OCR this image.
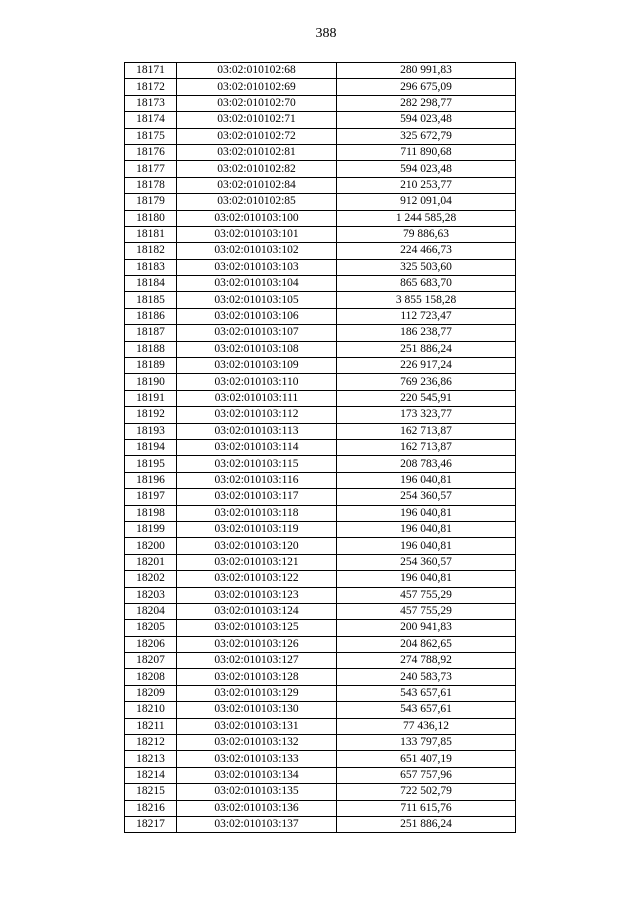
388
18171	03:02:010102:68	280 991,83
18172	03:02:010102:69	296 675,09
18173	03:02:010102:70	282 298,77
18174	03:02:010102:71	594 023,48
18175	03:02:010102:72	325 672,79
18176	03:02:010102:81	711 890,68
18177	03:02:010102:82	594 023,48
18178	03:02:010102:84	210 253,77
18179	03:02:010102:85	912 091,04
18180	03:02:010103:100	1 244 585,28
18181	03:02:010103:101	79 886,63
18182	03:02:010103:102	224 466,73
18183	03:02:010103:103	325 503,60
18184	03:02:010103:104	865 683,70
18185	03:02:010103:105	3 855 158,28
18186	03:02:010103:106	112 723,47
18187	03:02:010103:107	186 238,77
18188	03:02:010103:108	251 886,24
18189	03:02:010103:109	226 917,24
18190	03:02:010103:110	769 236,86
18191	03:02:010103:111	220 545,91
18192	03:02:010103:112	173 323,77
18193	03:02:010103:113	162 713,87
18194	03:02:010103:114	162 713,87
18195	03:02:010103:115	208 783,46
18196	03:02:010103:116	196 040,81
18197	03:02:010103:117	254 360,57
18198	03:02:010103:118	196 040,81
18199	03:02:010103:119	196 040,81
18200	03:02:010103:120	196 040,81
18201	03:02:010103:121	254 360,57
18202	03:02:010103:122	196 040,81
18203	03:02:010103:123	457 755,29
18204	03:02:010103:124	457 755,29
18205	03:02:010103:125	200 941,83
18206	03:02:010103:126	204 862,65
18207	03:02:010103:127	274 788,92
18208	03:02:010103:128	240 583,73
18209	03:02:010103:129	543 657,61
18210	03:02:010103:130	543 657,61
18211	03:02:010103:131	77 436,12
18212	03:02:010103:132	133 797,85
18213	03:02:010103:133	651 407,19
18214	03:02:010103:134	657 757,96
18215	03:02:010103:135	722 502,79
18216	03:02:010103:136	711 615,76
18217	03:02:010103:137	251 886,24
